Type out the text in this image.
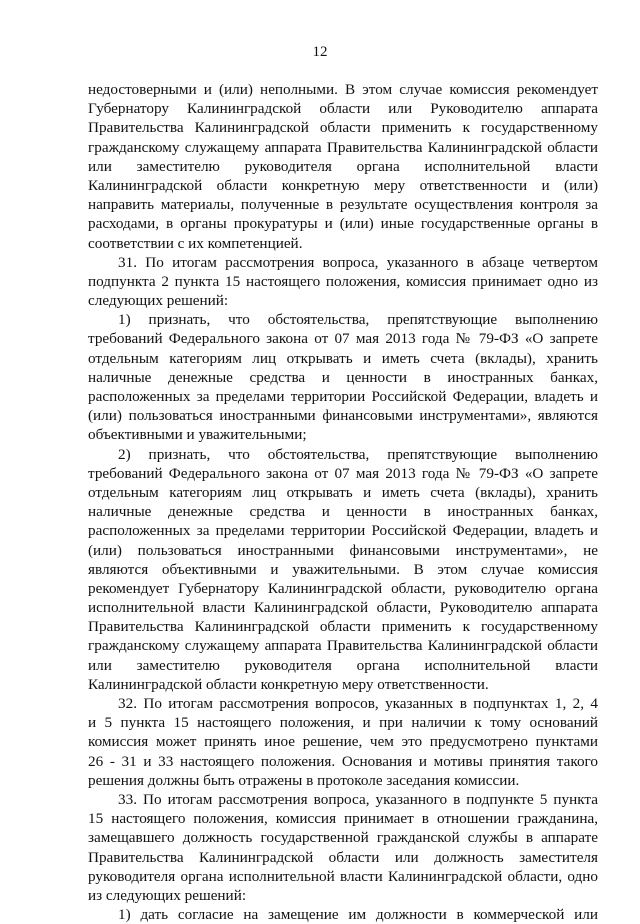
12
недостоверными и (или) неполными. В этом случае комиссия рекомендует
Губернатору Калининградской области или Руководителю аппарата
Правительства Калининградской области применить к государственному
гражданскому служащему аппарата Правительства Калининградской области
или заместителю руководителя органа исполнительной власти
Калининградской области конкретную меру ответственности и (или)
направить материалы, полученные в результате осуществления контроля за
расходами, в органы прокуратуры и (или) иные государственные органы в
соответствии с их компетенцией.
31. По итогам рассмотрения вопроса, указанного в абзаце четвертом
подпункта 2 пункта 15 настоящего положения, комиссия принимает одно из
следующих решений:
1) признать, что обстоятельства, препятствующие выполнению
требований Федерального закона от 07 мая 2013 года № 79-ФЗ «О запрете
отдельным категориям лиц открывать и иметь счета (вклады), хранить
наличные денежные средства и ценности в иностранных банках,
расположенных за пределами территории Российской Федерации, владеть и
(или) пользоваться иностранными финансовыми инструментами», являются
объективными и уважительными;
2) признать, что обстоятельства, препятствующие выполнению
требований Федерального закона от 07 мая 2013 года № 79-ФЗ «О запрете
отдельным категориям лиц открывать и иметь счета (вклады), хранить
наличные денежные средства и ценности в иностранных банках,
расположенных за пределами территории Российской Федерации, владеть и
(или) пользоваться иностранными финансовыми инструментами», не
являются объективными и уважительными. В этом случае комиссия
рекомендует Губернатору Калининградской области, руководителю органа
исполнительной власти Калининградской области, Руководителю аппарата
Правительства Калининградской области применить к государственному
гражданскому служащему аппарата Правительства Калининградской области
или заместителю руководителя органа исполнительной власти
Калининградской области конкретную меру ответственности.
32. По итогам рассмотрения вопросов, указанных в подпунктах 1, 2, 4
и 5 пункта 15 настоящего положения, и при наличии к тому оснований
комиссия может принять иное решение, чем это предусмотрено пунктами
26 - 31 и 33 настоящего положения. Основания и мотивы принятия такого
решения должны быть отражены в протоколе заседания комиссии.
33. По итогам рассмотрения вопроса, указанного в подпункте 5 пункта
15 настоящего положения, комиссия принимает в отношении гражданина,
замещавшего должность государственной гражданской службы в аппарате
Правительства Калининградской области или должность заместителя
руководителя органа исполнительной власти Калининградской области, одно
из следующих решений:
1) дать согласие на замещение им должности в коммерческой или
